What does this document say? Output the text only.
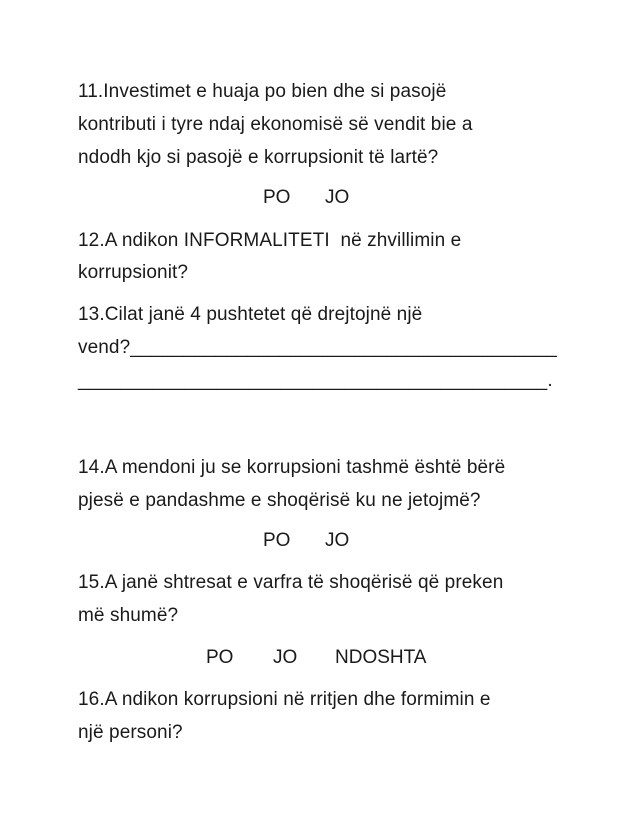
11.Investimet e huaja po bien dhe si pasojë
kontributi i tyre ndaj ekonomisë së vendit bie a
ndodh kjo si pasojë e korrupsionit të lartë?
PO JO
12.A ndikon INFORMALITETI  në zhvillimin e
korrupsionit?
13.Cilat janë 4 pushtetet që drejtojnë një
vend?________________________________________
____________________________________________.
14.A mendoni ju se korrupsioni tashmë është bërë
pjesë e pandashme e shoqërisë ku ne jetojmë?
PO JO
15.A janë shtresat e varfra të shoqërisë që preken
më shumë?
PO JO NDOSHTA
16.A ndikon korrupsioni në rritjen dhe formimin e
një personi?
